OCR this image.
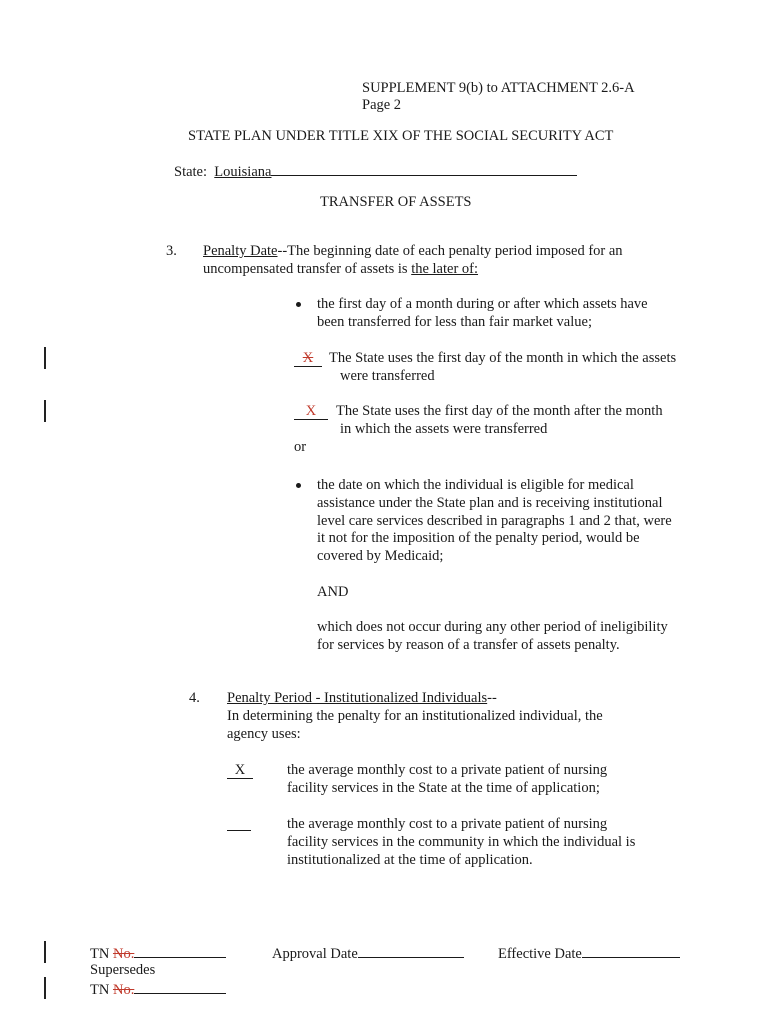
SUPPLEMENT 9(b) to ATTACHMENT 2.6-A
Page 2
STATE PLAN UNDER TITLE XIX OF THE SOCIAL SECURITY ACT
State: Louisiana
TRANSFER OF ASSETS
3. Penalty Date--The beginning date of each penalty period imposed for an
uncompensated transfer of assets is the later of:
the first day of a month during or after which assets have
been transferred for less than fair market value;
X	The State uses the first day of the month in which the assets
were transferred
X	The State uses the first day of the month after the month
in which the assets were transferred
or
the date on which the individual is eligible for medical
assistance under the State plan and is receiving institutional
level care services described in paragraphs 1 and 2 that, were
it not for the imposition of the penalty period, would be
covered by Medicaid;
AND
which does not occur during any other period of ineligibility
for services by reason of a transfer of assets penalty.
4. Penalty Period - Institutionalized Individuals--
In determining the penalty for an institutionalized individual, the
agency uses:
X	the average monthly cost to a private patient of nursing
facility services in the State at the time of application;
the average monthly cost to a private patient of nursing
facility services in the community in which the individual is
institutionalized at the time of application.
TN No.	Approval Date	Effective Date
Supersedes
TN No.
